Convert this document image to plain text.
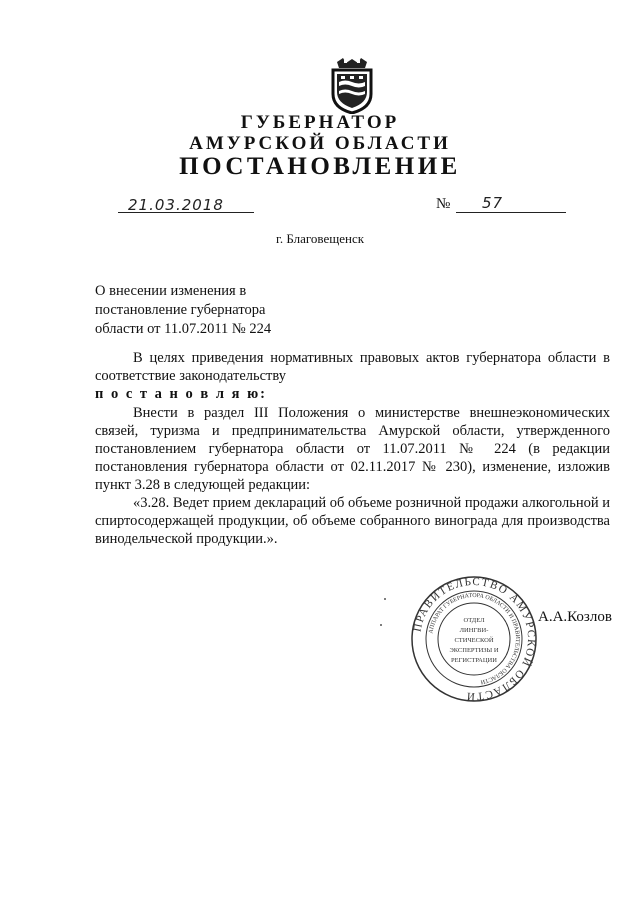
ГУБЕРНАТОР
АМУРСКОЙ ОБЛАСТИ
ПОСТАНОВЛЕНИЕ
21.03.2018	№ 57
г. Благовещенск
О внесении изменения в
постановление губернатора
области от 11.07.2011 № 224
В целях приведения нормативных правовых актов губернатора области в соответствие законодательству
п о с т а н о в л я ю:
Внести в раздел III Положения о министерстве внешнеэкономических связей, туризма и предпринимательства Амурской области, утвержденного постановлением губернатора области от 11.07.2011 № 224 (в редакции постановления губернатора области от 02.11.2017 № 230), изменение, изложив пункт 3.28 в следующей редакции:
«3.28. Ведет прием деклараций об объеме розничной продажи алкогольной и спиртосодержащей продукции, об объеме собранного винограда для производства винодельческой продукции.».
ПРАВИТЕЛЬСТВО АМУРСКОЙ ОБЛАСТИ
АППАРАТ ГУБЕРНАТОРА ОБЛАСТИ И ПРАВИТЕЛЬСТВА ОБЛАСТИ
ОТДЕЛ
ЛИНГВИ-
СТИЧЕСКОЙ
ЭКСПЕРТИЗЫ И
РЕГИСТРАЦИИ
А.А.Козлов
